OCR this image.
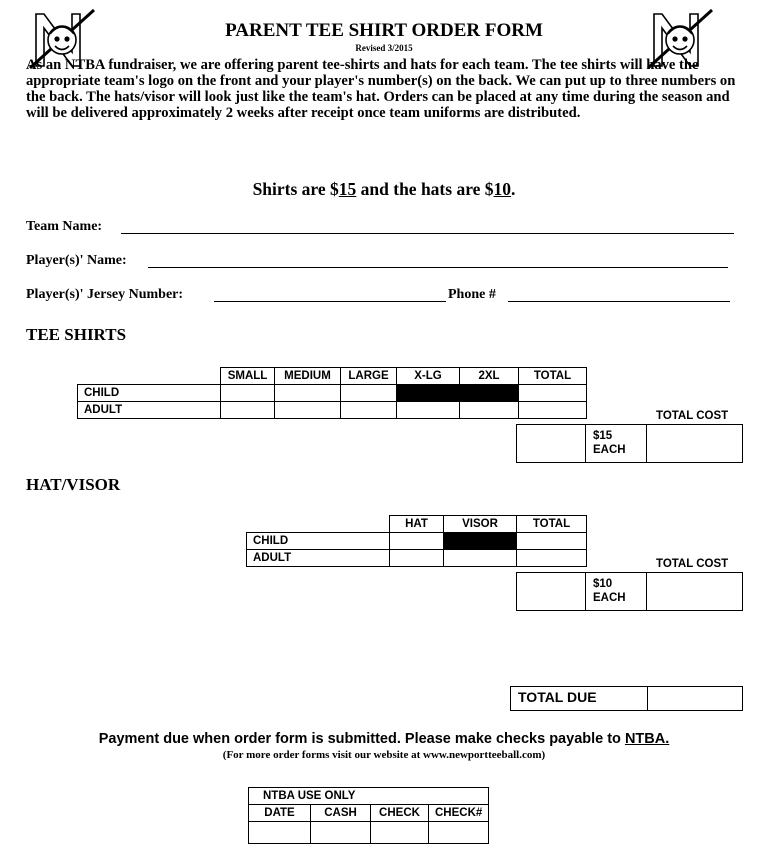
PARENT TEE SHIRT ORDER FORM
Revised 3/2015
As an NTBA fundraiser, we are offering parent tee-shirts and hats for each team. The tee shirts will have the appropriate team's logo on the front and your player's number(s) on the back. We can put up to three numbers on the back. The hats/visor will look just like the team's hat. Orders can be placed at any time during the season and will be delivered approximately 2 weeks after receipt once team uniforms are distributed.
Shirts are $15 and the hats are $10.
Team Name:
Player(s)' Name:
Player(s)' Jersey Number:	Phone #
TEE SHIRTS
	SMALL	MEDIUM	LARGE	X-LG	2XL	TOTAL
CHILD						
ADULT						
$15
EACH
TOTAL COST
HAT/VISOR
	HAT	VISOR	TOTAL
CHILD			
ADULT			
$10
EACH
TOTAL COST
TOTAL DUE
Payment due when order form is submitted. Please make checks payable to NTBA.
(For more order forms visit our website at www.newportteeball.com)
NTBA USE ONLY			
DATE	CASH	CHECK	CHECK#
